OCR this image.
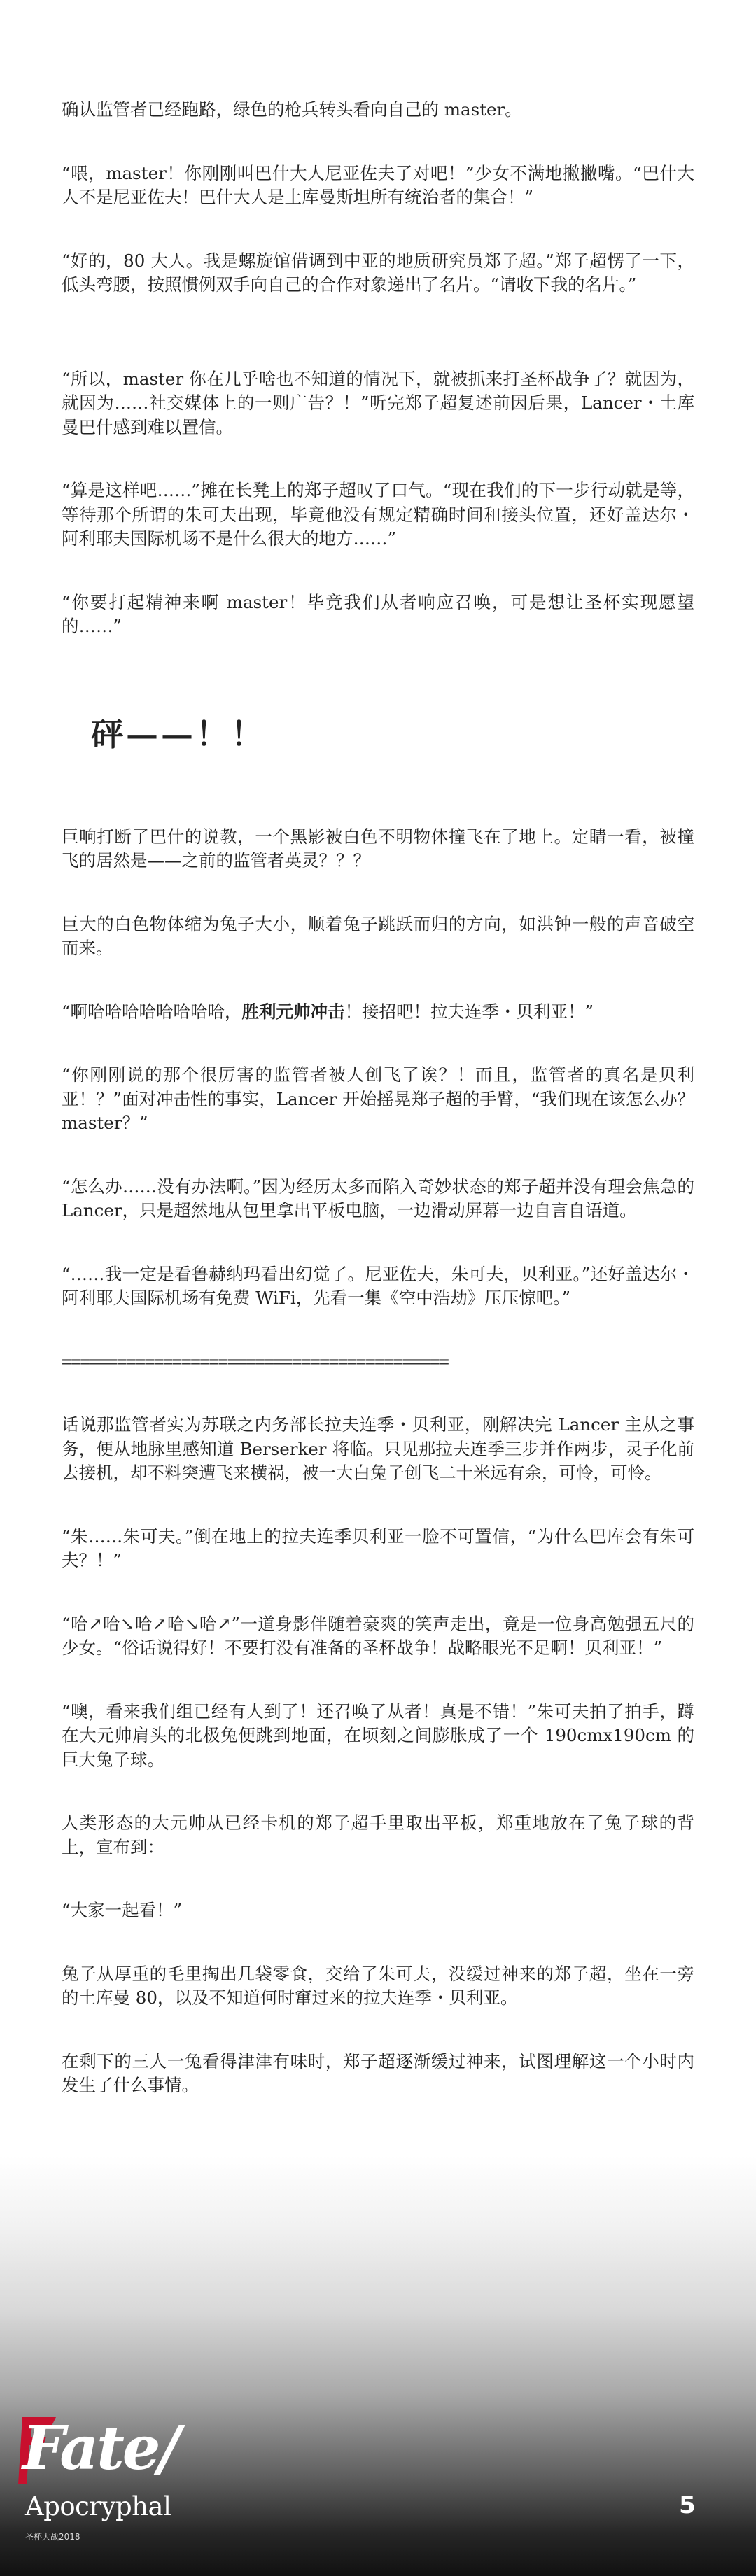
确认监管者已经跑路，绿色的枪兵转头看向自己的 master。

“喂，master！你刚刚叫巴什大人尼亚佐夫了对吧！”少女不满地撇撇嘴。“巴什大人不是尼亚佐夫！巴什大人是土库曼斯坦所有统治者的集合！”

“好的，80 大人。我是螺旋馆借调到中亚的地质研究员郑子超。”郑子超愣了一下，低头弯腰，按照惯例双手向自己的合作对象递出了名片。“请收下我的名片。”

“所以，master 你在几乎啥也不知道的情况下，就被抓来打圣杯战争了？就因为，就因为……社交媒体上的一则广告？！”听完郑子超复述前因后果，Lancer・土库曼巴什感到难以置信。

“算是这样吧……”摊在长凳上的郑子超叹了口气。“现在我们的下一步行动就是等，等待那个所谓的朱可夫出现，毕竟他没有规定精确时间和接头位置，还好盖达尔・阿利耶夫国际机场不是什么很大的地方……”

“你要打起精神来啊 master！毕竟我们从者响应召唤，可是想让圣杯实现愿望的……”

砰——！！

巨响打断了巴什的说教，一个黑影被白色不明物体撞飞在了地上。定睛一看，被撞飞的居然是——之前的监管者英灵？？？

巨大的白色物体缩为兔子大小，顺着兔子跳跃而归的方向，如洪钟一般的声音破空而来。

“啊哈哈哈哈哈哈哈哈，胜利元帅冲击！接招吧！拉夫连季・贝利亚！”

“你刚刚说的那个很厉害的监管者被人创飞了诶？！而且，监管者的真名是贝利亚！？”面对冲击性的事实，Lancer 开始摇晃郑子超的手臂，“我们现在该怎么办？master？”

“怎么办……没有办法啊。”因为经历太多而陷入奇妙状态的郑子超并没有理会焦急的 Lancer，只是超然地从包里拿出平板电脑，一边滑动屏幕一边自言自语道。

“……我一定是看鲁赫纳玛看出幻觉了。尼亚佐夫，朱可夫，贝利亚。”还好盖达尔・阿利耶夫国际机场有免费 WiFi，先看一集《空中浩劫》压压惊吧。”

==========================================

话说那监管者实为苏联之内务部长拉夫连季・贝利亚，刚解决完 Lancer 主从之事务，便从地脉里感知道 Berserker 将临。只见那拉夫连季三步并作两步，灵子化前去接机，却不料突遭飞来横祸，被一大白兔子创飞二十米远有余，可怜，可怜。

“朱……朱可夫。”倒在地上的拉夫连季贝利亚一脸不可置信，“为什么巴库会有朱可夫？！”

“哈↗哈↘哈↗哈↘哈↗”一道身影伴随着豪爽的笑声走出，竟是一位身高勉强五尺的少女。“俗话说得好！不要打没有准备的圣杯战争！战略眼光不足啊！贝利亚！”

“噢，看来我们组已经有人到了！还召唤了从者！真是不错！”朱可夫拍了拍手，蹲在大元帅肩头的北极兔便跳到地面，在顷刻之间膨胀成了一个 190cmx190cm 的巨大兔子球。

人类形态的大元帅从已经卡机的郑子超手里取出平板，郑重地放在了兔子球的背上，宣布到：

“大家一起看！”

兔子从厚重的毛里掏出几袋零食，交给了朱可夫，没缓过神来的郑子超，坐在一旁的土库曼 80，以及不知道何时窜过来的拉夫连季・贝利亚。

在剩下的三人一兔看得津津有味时，郑子超逐渐缓过神来，试图理解这一个小时内发生了什么事情。

Fate/
Apocryphal
圣杯大战2018
5
